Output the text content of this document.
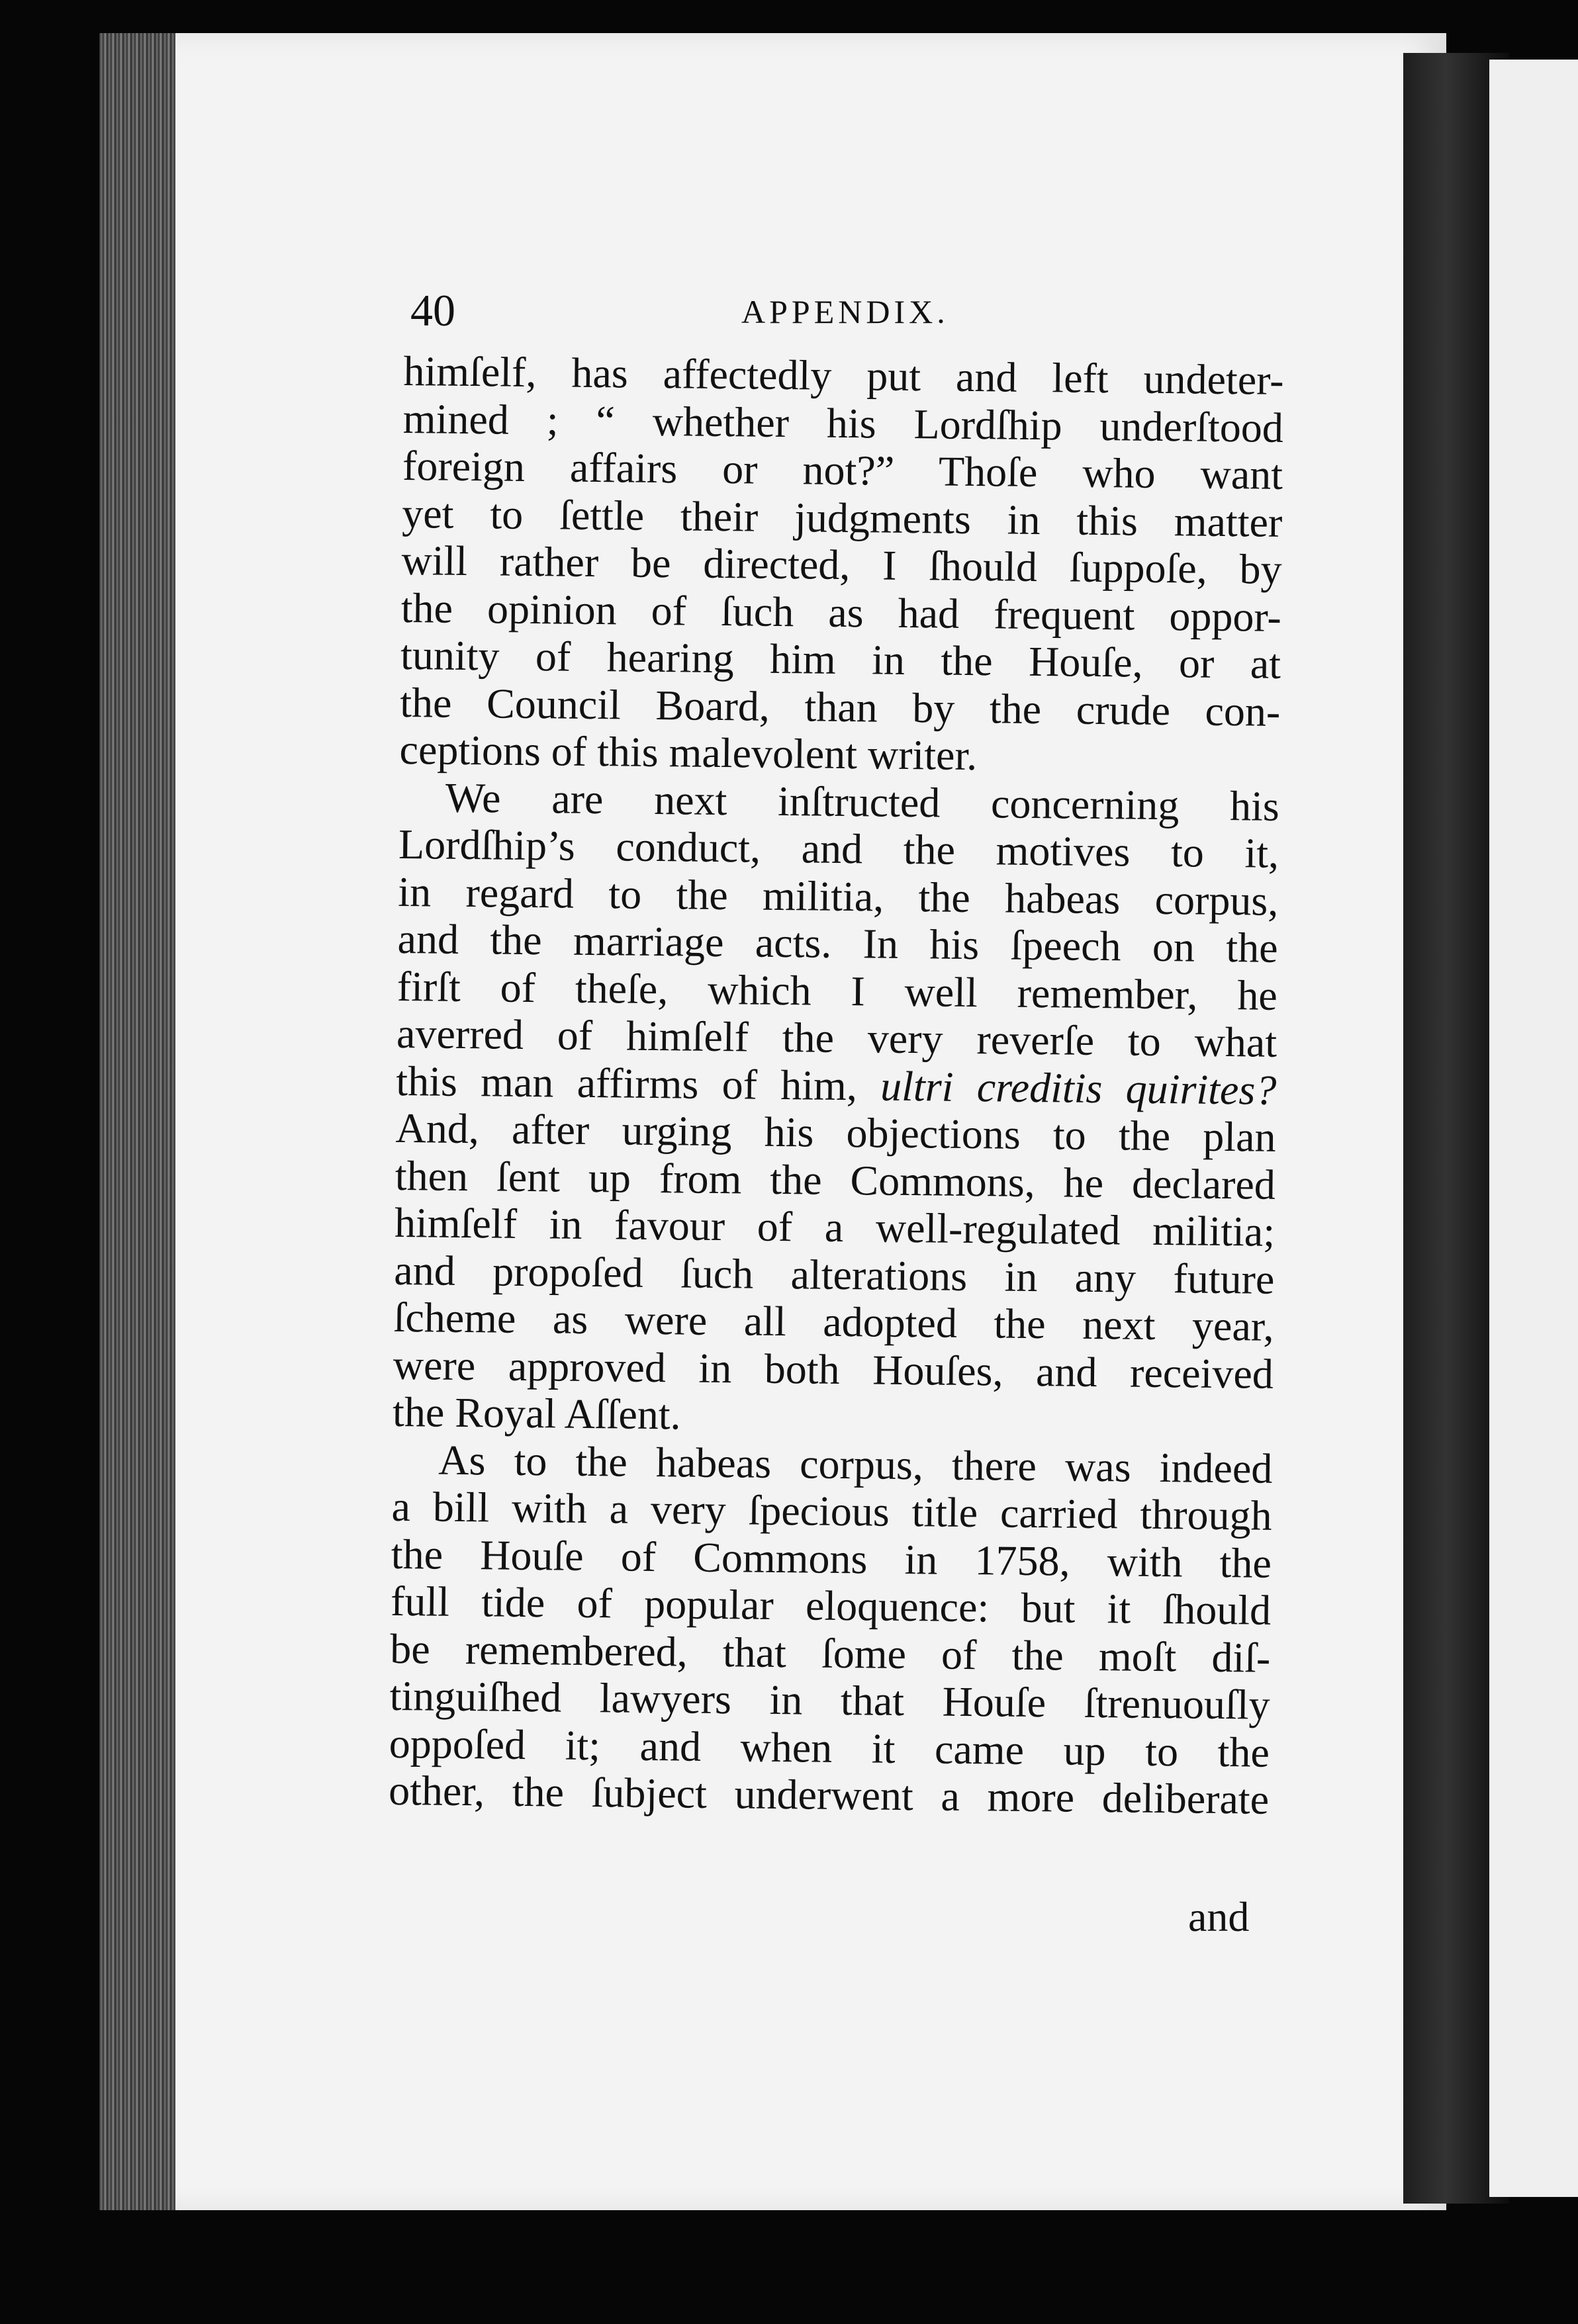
40	APPENDIX.
himſelf, has affectedly put and left undeter-
mined ; “ whether his Lordſhip underſtood
foreign affairs or not?” Thoſe who want
yet to ſettle their judgments in this matter
will rather be directed, I ſhould ſuppoſe, by
the opinion of ſuch as had frequent oppor-
tunity of hearing him in the Houſe, or at
the Council Board, than by the crude con-
ceptions of this malevolent writer.
We are next inſtructed concerning his
Lordſhip’s conduct, and the motives to it,
in regard to the militia, the habeas corpus,
and the marriage acts. In his ſpeech on the
firſt of theſe, which I well remember, he
averred of himſelf the very reverſe to what
this man affirms of him, ultri creditis quirites?
And, after urging his objections to the plan
then ſent up from the Commons, he declared
himſelf in favour of a well-regulated militia;
and propoſed ſuch alterations in any future
ſcheme as were all adopted the next year,
were approved in both Houſes, and received
the Royal Aſſent.
As to the habeas corpus, there was indeed
a bill with a very ſpecious title carried through
the Houſe of Commons in 1758, with the
full tide of popular eloquence: but it ſhould
be remembered, that ſome of the moſt diſ-
tinguiſhed lawyers in that Houſe ſtrenuouſly
oppoſed it; and when it came up to the
other, the ſubject underwent a more deliberate
and
